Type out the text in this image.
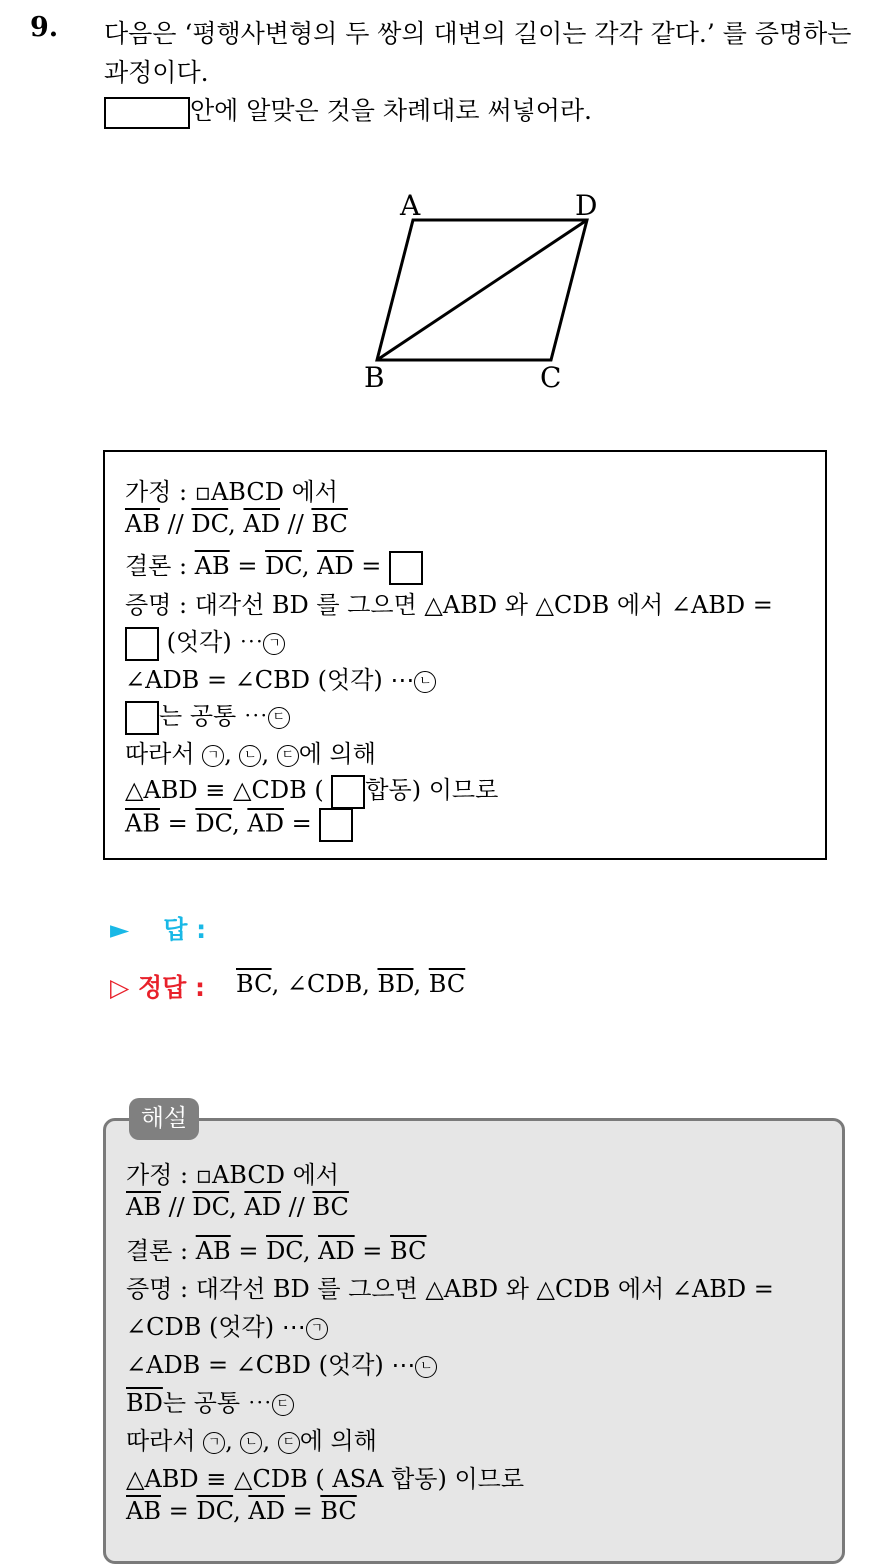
9. 다음은 ‘평행사변형의 두 쌍의 대변의 길이는 각각 같다.’ 를 증명하는
과정이다.
안에 알맞은 것을 차례대로 써넣어라.
A	D
B	C
가정 : ▫ABCD 에서
$\overline{AB} // \overline{DC}$, $\overline{AD} // \overline{BC}$
결론 : $\overline{AB} = \overline{DC}$, $\overline{AD}$ =
증명 : 대각선 BD 를 그으면 △ABD 와 △CDB 에서 ∠ABD =
(엇각) ⋯ ㄱ
∠ADB = ∠CBD (엇각) ⋯ ㄴ
는 공통 ⋯ ㄷ
따라서 ㄱ , ㄴ , ㄷ 에 의해
△ABD ≡ △CDB ( 합동) 이므로
$\overline{AB} = \overline{DC}$, $\overline{AD}$ =
► 답 :
▷ 정답 : $\overline{BC}$, ∠CDB, $\overline{BD}$, $\overline{BC}$
가정 : ▫ABCD 에서
$\overline{AB} // \overline{DC}$, $\overline{AD} // \overline{BC}$
결론 : $\overline{AB} = \overline{DC}$, $\overline{AD} = \overline{BC}$
증명 : 대각선 BD 를 그으면 △ABD 와 △CDB 에서 ∠ABD =
∠CDB (엇각) ⋯ ㄱ
∠ADB = ∠CBD (엇각) ⋯ ㄴ
$\overline{BD}$는 공통 ⋯ ㄷ
따라서 ㄱ , ㄴ , ㄷ 에 의해
△ABD ≡ △CDB ( ASA 합동) 이므로
$\overline{AB} = \overline{DC}$, $\overline{AD} = \overline{BC}$
해설
